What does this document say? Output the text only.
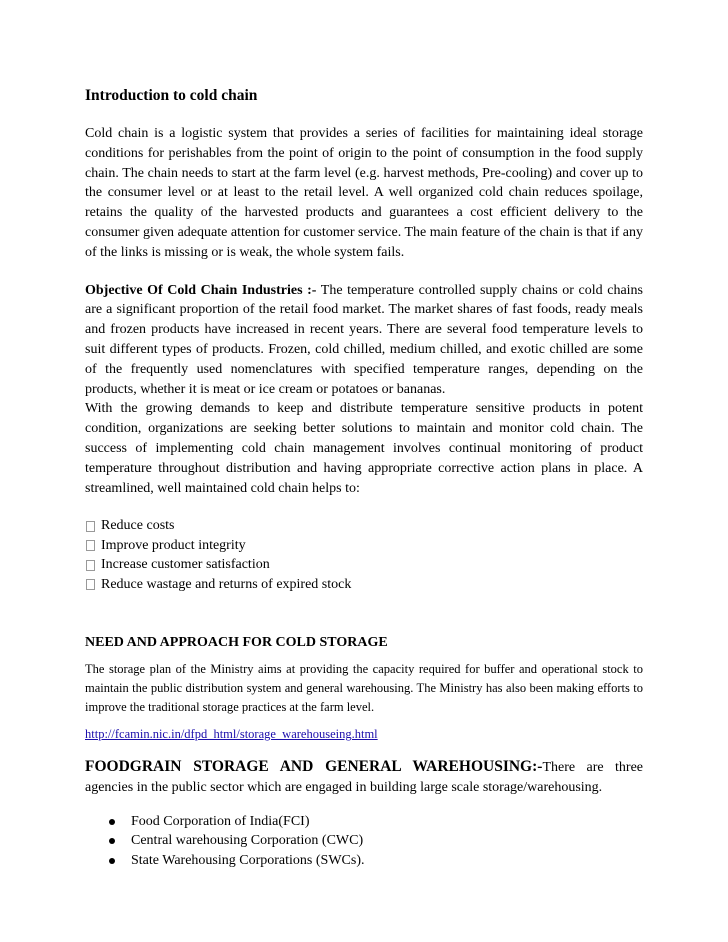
Introduction to cold chain

Cold chain is a logistic system that provides a series of facilities for maintaining ideal storage conditions for perishables from the point of origin to the point of consumption in the food supply chain. The chain needs to start at the farm level (e.g. harvest methods, Pre-cooling) and cover up to the consumer level or at least to the retail level. A well organized cold chain reduces spoilage, retains the quality of the harvested products and guarantees a cost efficient delivery to the consumer given adequate attention for customer service. The main feature of the chain is that if any of the links is missing or is weak, the whole system fails.

Objective Of Cold Chain Industries :- The temperature controlled supply chains or cold chains are a significant proportion of the retail food market. The market shares of fast foods, ready meals and frozen products have increased in recent years. There are several food temperature levels to suit different types of products. Frozen, cold chilled, medium chilled, and exotic chilled are some of the frequently used nomenclatures with specified temperature ranges, depending on the products, whether it is meat or ice cream or potatoes or bananas.

With the growing demands to keep and distribute temperature sensitive products in potent condition, organizations are seeking better solutions to maintain and monitor cold chain. The success of implementing cold chain management involves continual monitoring of product temperature throughout distribution and having appropriate corrective action plans in place. A streamlined, well maintained cold chain helps to:

Reduce costs
Improve product integrity
Increase customer satisfaction
Reduce wastage and returns of expired stock

NEED AND APPROACH FOR COLD STORAGE

The storage plan of the Ministry aims at providing the capacity required for buffer and operational stock to maintain the public distribution system and general warehousing. The Ministry has also been making efforts to improve the traditional storage practices at the farm level.

http://fcamin.nic.in/dfpd_html/storage_warehouseing.html

FOODGRAIN STORAGE AND GENERAL WAREHOUSING:-There are three agencies in the public sector which are engaged in building large scale storage/warehousing.

Food Corporation of India(FCI)
Central warehousing Corporation (CWC)
State Warehousing Corporations (SWCs).
